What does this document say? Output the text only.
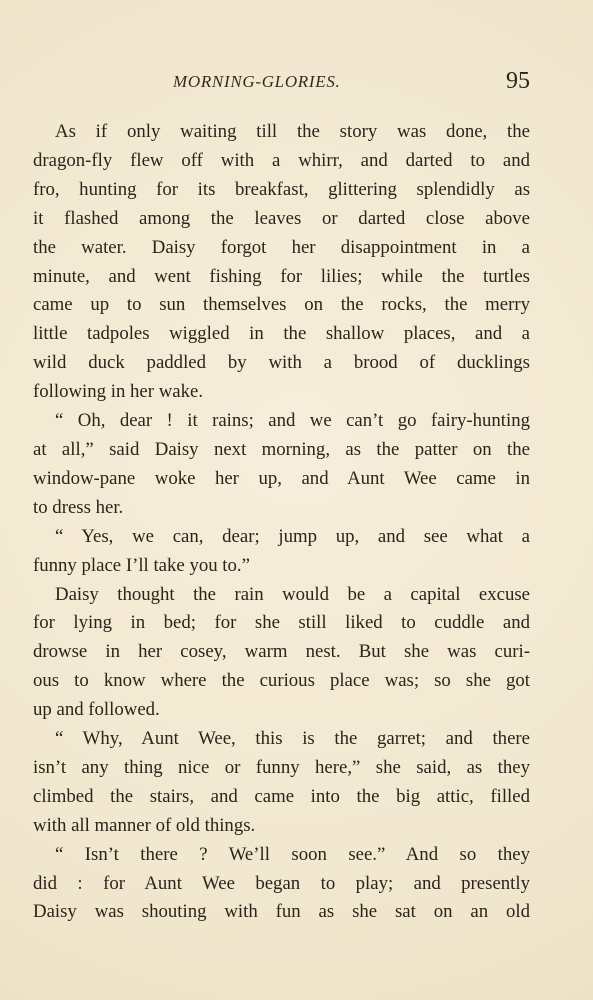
MORNING-GLORIES.	95
As if only waiting till the story was done, the
dragon-fly flew off with a whirr, and darted to and
fro, hunting for its breakfast, glittering splendidly as
it flashed among the leaves or darted close above
the water. Daisy forgot her disappointment in a
minute, and went fishing for lilies; while the turtles
came up to sun themselves on the rocks, the merry
little tadpoles wiggled in the shallow places, and a
wild duck paddled by with a brood of ducklings
following in her wake.
“ Oh, dear ! it rains; and we can’t go fairy-hunting
at all,” said Daisy next morning, as the patter on the
window-pane woke her up, and Aunt Wee came in
to dress her.
“ Yes, we can, dear; jump up, and see what a
funny place I’ll take you to.”
Daisy thought the rain would be a capital excuse
for lying in bed; for she still liked to cuddle and
drowse in her cosey, warm nest. But she was curi-
ous to know where the curious place was; so she got
up and followed.
“ Why, Aunt Wee, this is the garret; and there
isn’t any thing nice or funny here,” she said, as they
climbed the stairs, and came into the big attic, filled
with all manner of old things.
“ Isn’t there ? We’ll soon see.” And so they
did : for Aunt Wee began to play; and presently
Daisy was shouting with fun as she sat on an old
